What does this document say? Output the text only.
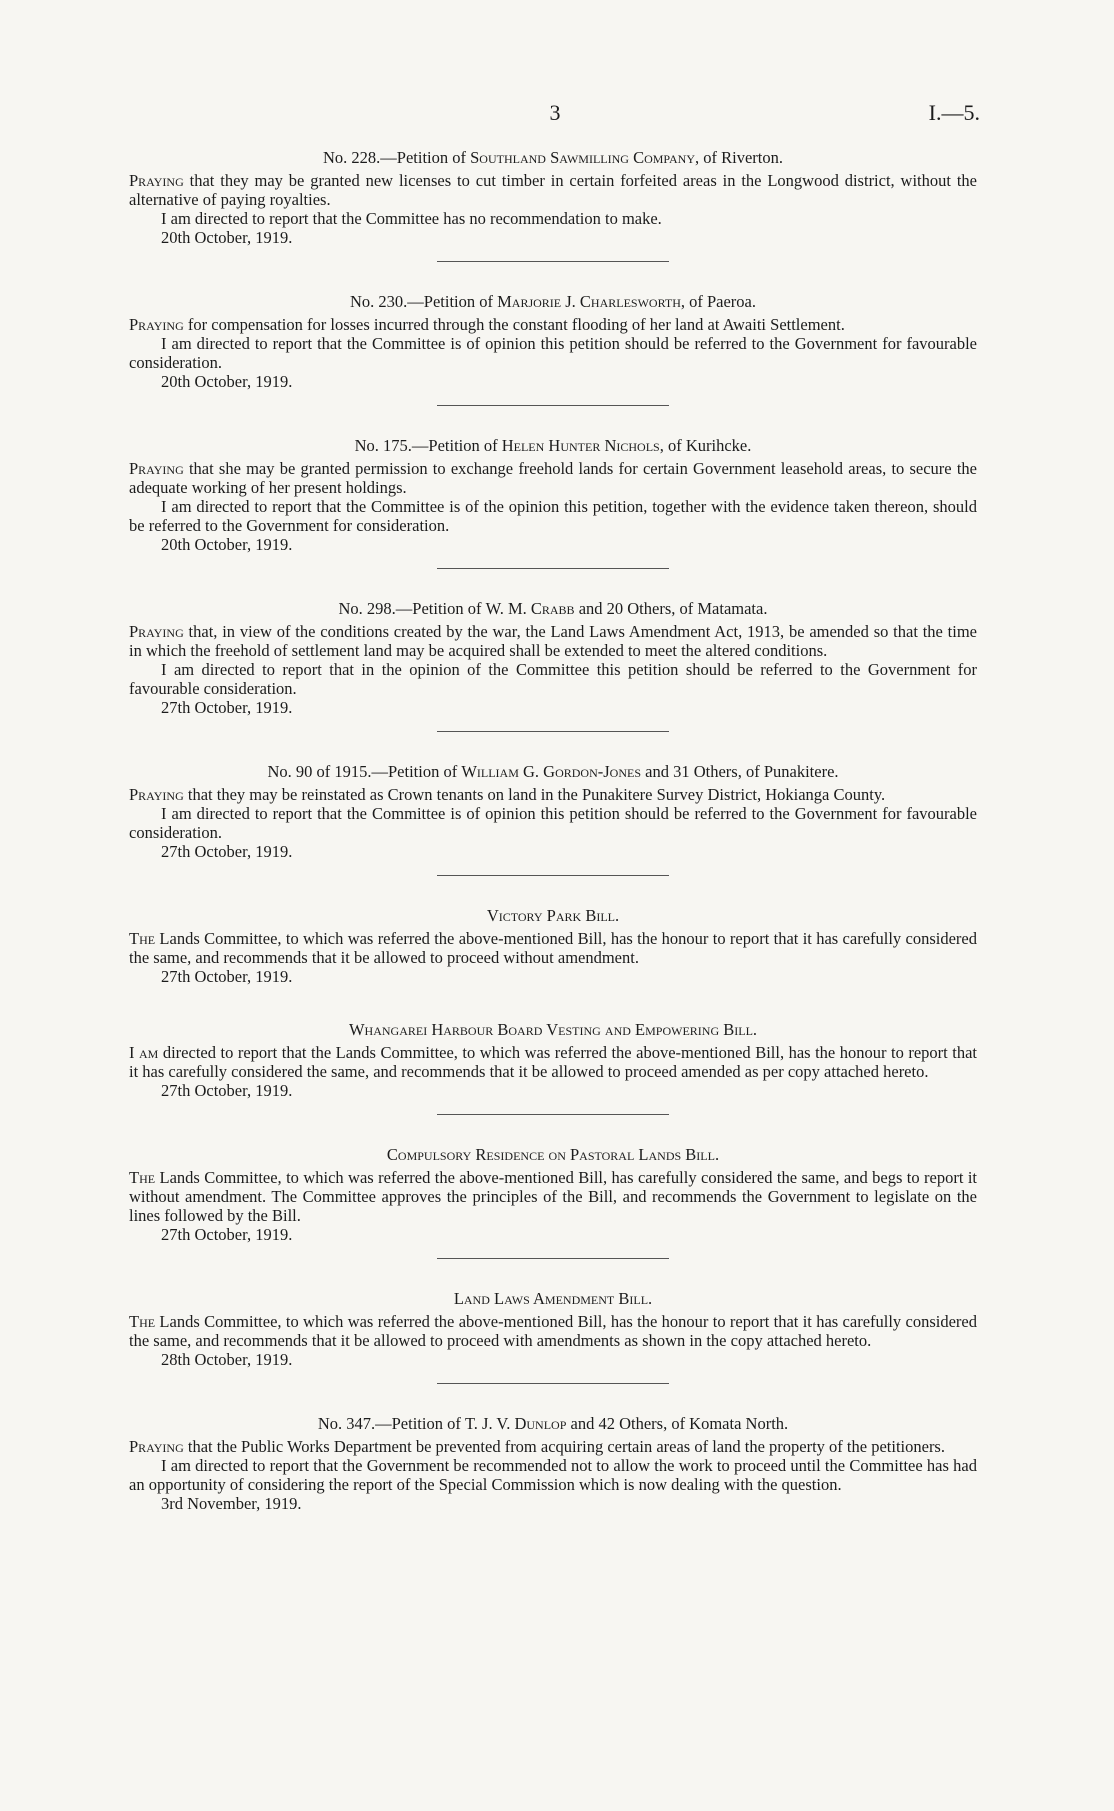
3	I.—5.

No. 228.—Petition of Southland Sawmilling Company, of Riverton.

Praying that they may be granted new licenses to cut timber in certain forfeited areas in the Longwood district, without the alternative of paying royalties.

I am directed to report that the Committee has no recommendation to make.

20th October, 1919.

No. 230.—Petition of Marjorie J. Charlesworth, of Paeroa.

Praying for compensation for losses incurred through the constant flooding of her land at Awaiti Settlement.

I am directed to report that the Committee is of opinion this petition should be referred to the Government for favourable consideration.

20th October, 1919.

No. 175.—Petition of Helen Hunter Nichols, of Kurihcke.

Praying that she may be granted permission to exchange freehold lands for certain Government leasehold areas, to secure the adequate working of her present holdings.

I am directed to report that the Committee is of the opinion this petition, together with the evidence taken thereon, should be referred to the Government for consideration.

20th October, 1919.

No. 298.—Petition of W. M. Crabb and 20 Others, of Matamata.

Praying that, in view of the conditions created by the war, the Land Laws Amendment Act, 1913, be amended so that the time in which the freehold of settlement land may be acquired shall be extended to meet the altered conditions.

I am directed to report that in the opinion of the Committee this petition should be referred to the Government for favourable consideration.

27th October, 1919.

No. 90 of 1915.—Petition of William G. Gordon-Jones and 31 Others, of Punakitere.

Praying that they may be reinstated as Crown tenants on land in the Punakitere Survey District, Hokianga County.

I am directed to report that the Committee is of opinion this petition should be referred to the Government for favourable consideration.

27th October, 1919.

Victory Park Bill.

The Lands Committee, to which was referred the above-mentioned Bill, has the honour to report that it has carefully considered the same, and recommends that it be allowed to proceed without amendment.

27th October, 1919.

Whangarei Harbour Board Vesting and Empowering Bill.

I am directed to report that the Lands Committee, to which was referred the above-mentioned Bill, has the honour to report that it has carefully considered the same, and recommends that it be allowed to proceed amended as per copy attached hereto.

27th October, 1919.

Compulsory Residence on Pastoral Lands Bill.

The Lands Committee, to which was referred the above-mentioned Bill, has carefully considered the same, and begs to report it without amendment. The Committee approves the principles of the Bill, and recommends the Government to legislate on the lines followed by the Bill.

27th October, 1919.

Land Laws Amendment Bill.

The Lands Committee, to which was referred the above-mentioned Bill, has the honour to report that it has carefully considered the same, and recommends that it be allowed to proceed with amendments as shown in the copy attached hereto.

28th October, 1919.

No. 347.—Petition of T. J. V. Dunlop and 42 Others, of Komata North.

Praying that the Public Works Department be prevented from acquiring certain areas of land the property of the petitioners.

I am directed to report that the Government be recommended not to allow the work to proceed until the Committee has had an opportunity of considering the report of the Special Commission which is now dealing with the question.

3rd November, 1919.
